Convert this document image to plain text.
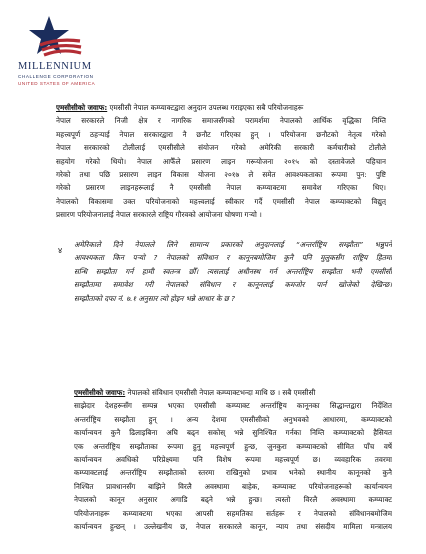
MILLENNIUM
CHALLENGE CORPORATION
UNITED STATES OF AMERICA
एमसीसीको जवाफ: एमसीसी नेपाल कम्प्याक्टद्वारा अनुदान उपलब्ध गराइएका सबै परियोजनाहरू
नेपाल सरकारले निजी क्षेत्र र नागरिक समाजसँगको परामर्शमा नेपालको आर्थिक वृद्धिका निम्ति
महत्त्वपूर्ण ठहऱ्याई नेपाल सरकारद्वारा नै छनौट गरिएका हुन् । परियोजना छनौटको नेतृत्व गरेको
नेपाल सरकारको टोलीलाई एमसीसीले संयोजन गरेको अमेरिकी सरकारी कर्मचारीको टोलीले
सहयोग गरेको थियो। नेपाल आफैँले प्रसारण लाइन गरूयोजना २०१५ को दस्तावेजले पहिचान
गरेको तथा पछि प्रसारण लाइन विकास योजना २०१७ ले समेत आवश्यकताका रूपमा पुन: पुष्टि
गरेको प्रसारण लाइनहरूलाई नै एमसीसी नेपाल कम्प्याक्टमा समावेश गरिएका थिए।
नेपालको विकासमा उक्त परियोजनाको महत्त्वलाई स्वीकार गर्दै एमसीसी नेपाल कम्प्याक्टको विद्युत्
प्रसारण परियोजनालाई नेपाल सरकारले राष्ट्रिय गौरवको आयोजना घोषणा गऱ्यो ।
४
अमेरिकाले दिने नेपालले लिने सामान्य प्रकारको अनुदानलाई “अन्तर्राष्ट्रिय सम्झौता” भन्नुपर्ने
आवश्यकता किन पऱ्यो ? नेपालको संविधान र कानूनबमोजिम कुनै पनि मुलुकसँग राष्ट्रिय हितमा
सन्धि सम्झौता गर्न हामी स्वतन्त्र छौँ। त्यसलाई अधीनस्थ गर्न अन्तर्राष्ट्रिय सम्झौता भनी एमसीसी
सम्झौतामा समावेश गरी नेपालको संविधान र कानूनलाई कमजोर पार्न खोजेको देखिन्छ।
सम्झौताको दफा नं. ७.१ अनुसार त्यो होइन भन्ने आधार के छ ?
एमसीसीको जवाफ: नेपालको संविधान एमसीसी नेपाल कम्प्याक्टभन्दा माथि छ । सबै एमसीसी
साझेदार देशहरूसँग सम्पन्न भएका एमसीसी कम्प्याक्ट अन्तर्राष्ट्रिय कानूनका सिद्धान्तद्वारा निर्देशित
अन्तर्राष्ट्रिय सम्झौता हुन् । अन्य देशमा एमसीसीको अनुभवको आधारमा, कम्प्याक्टको
कार्यान्वयन कुनै ढिलाइबिना अघि बढ्न सकोस् भन्ने सुनिश्चित गर्नका निम्ति कम्प्याक्टको हैसियत
एक अन्तर्राष्ट्रिय सम्झौताका रूपमा हुनु महत्त्वपूर्ण हुन्छ, जुनकुरा कम्प्याक्टको सीमित पाँच वर्षे
कार्यान्वयन अवधिको परिप्रेक्ष्यमा पनि विशेष रूपमा महत्त्वपूर्ण छ। व्यवहारिक तवरमा
कम्प्याक्टलाई अन्तर्राष्ट्रिय सम्झौताको स्तरमा राखिनुको प्रभाव भनेको स्थानीय कानूनको कुनै
निश्चित प्रावधानसँग बाझिने विरलै अवस्थामा बाहेक, कम्प्याक्ट परियोजनाहरूको कार्यान्वयन
नेपालको कानून अनुसार अगाडि बढ्ने भन्ने हुन्छ। त्यस्तो विरलै अवस्थामा कम्प्याक्ट
परियोजनाहरू कम्प्याक्टमा भएका आपसी सहमतिका सर्तहरू र नेपालको संविधानबमोजिम
कार्यान्वयन हुन्छन् । उल्लेखनीय छ, नेपाल सरकारले कानून, न्याय तथा संसदीय मामिला मन्त्रालय
